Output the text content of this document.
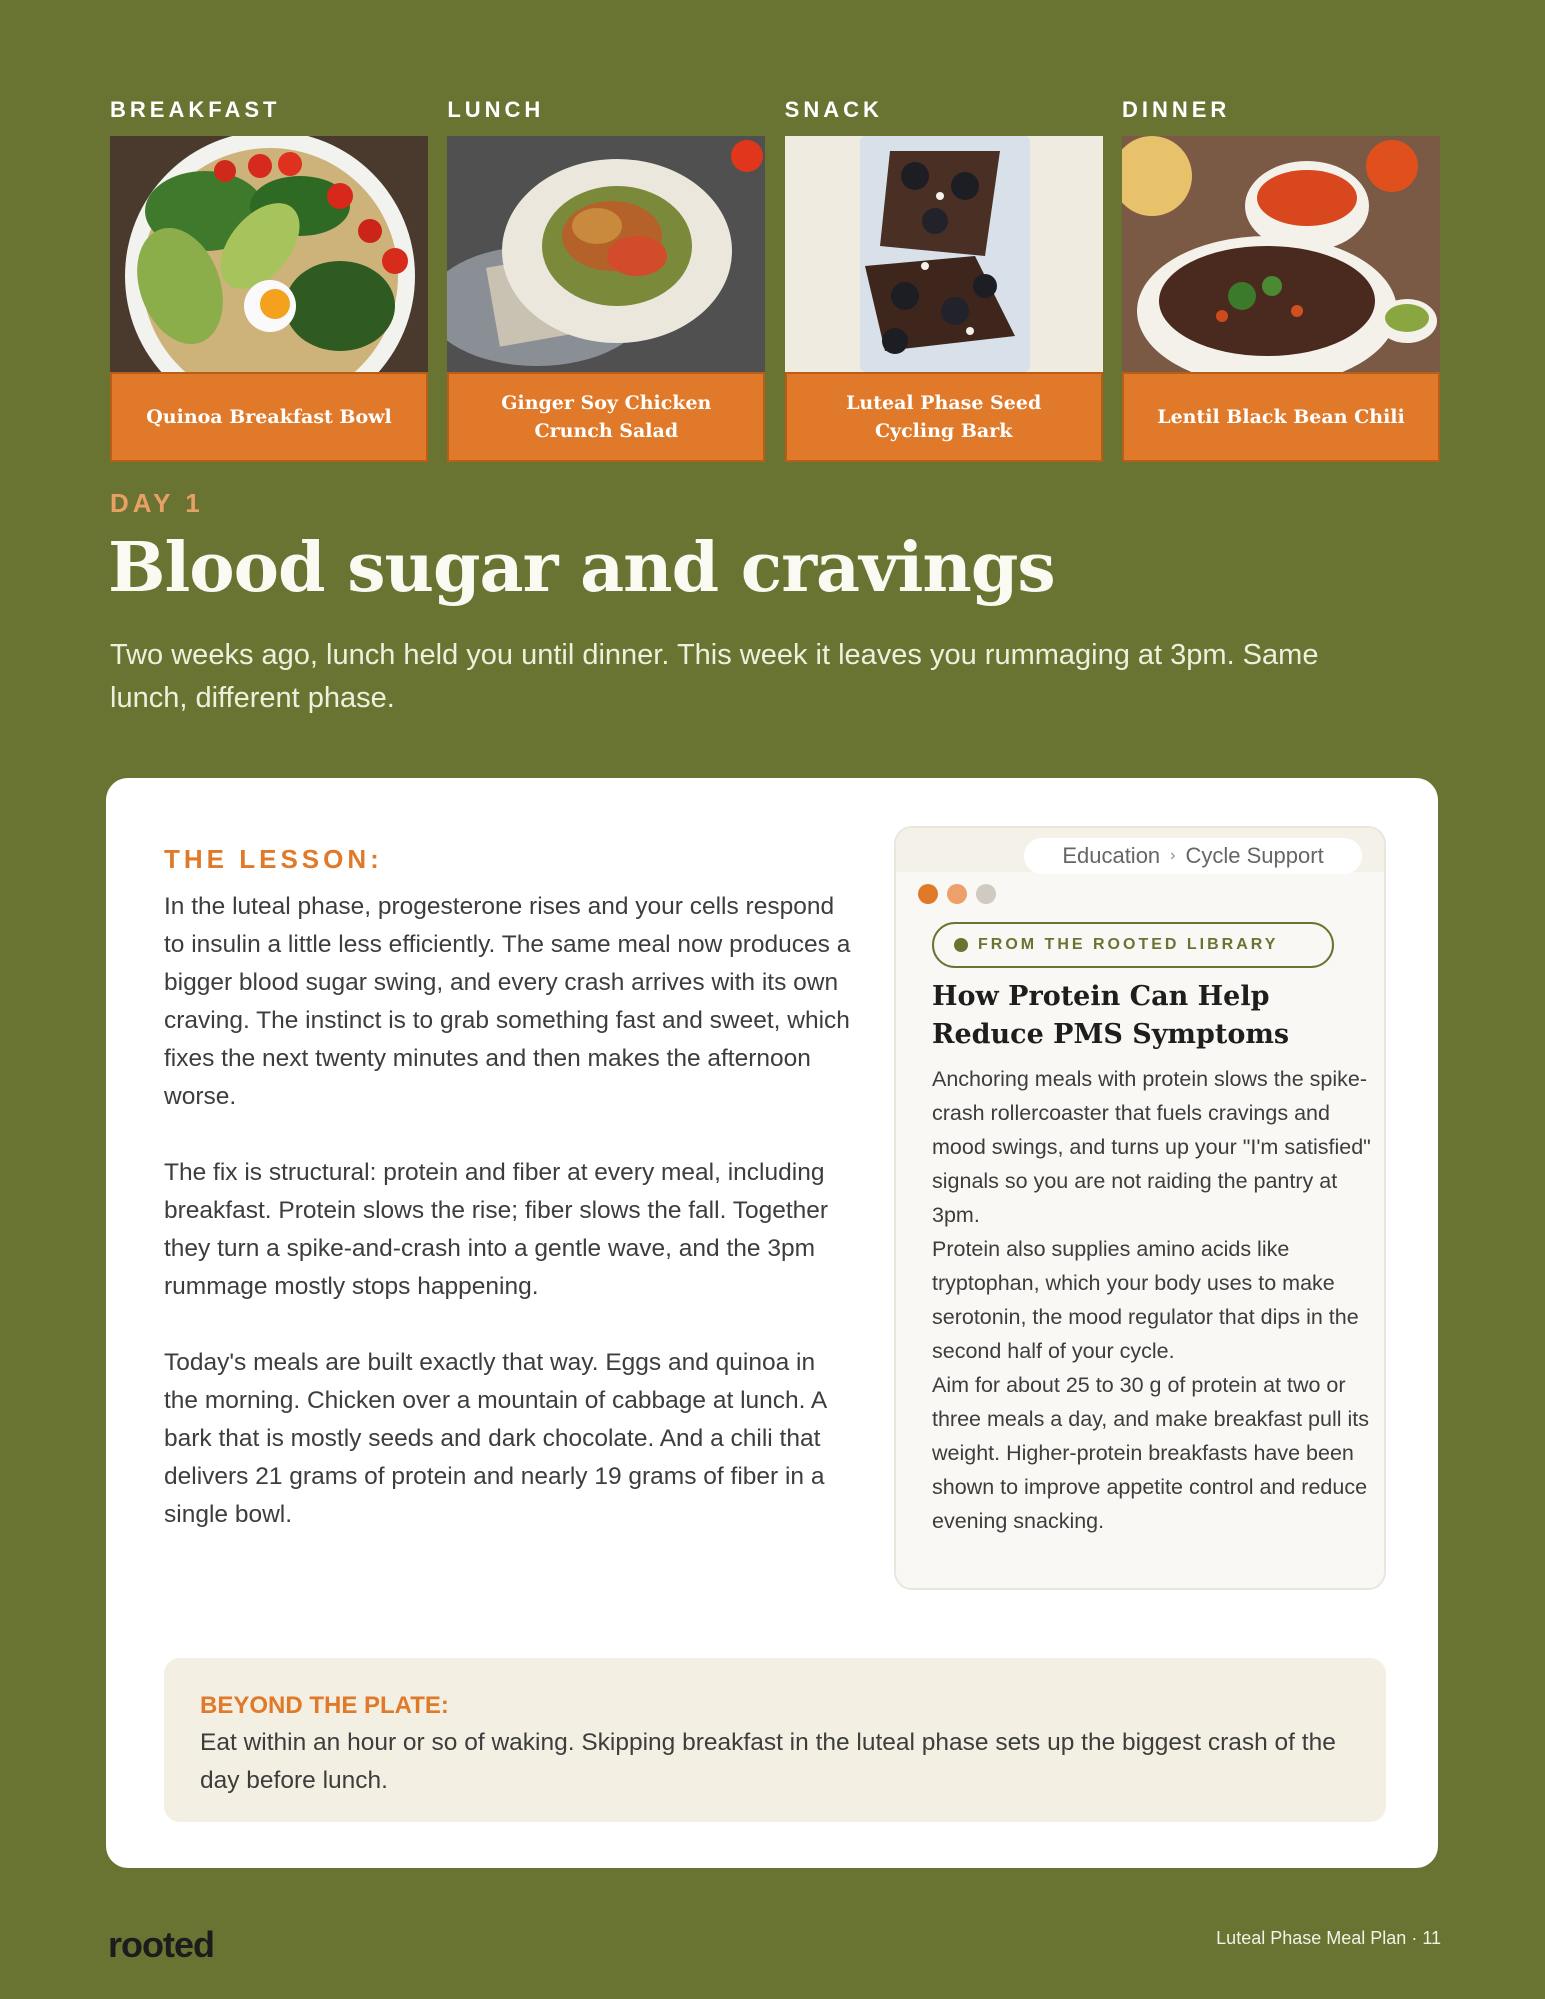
BREAKFAST
Quinoa Breakfast Bowl
LUNCH
Ginger Soy Chicken Crunch Salad
SNACK
Luteal Phase Seed Cycling Bark
DINNER
Lentil Black Bean Chili
DAY 1
Blood sugar and cravings

Two weeks ago, lunch held you until dinner. This week it leaves you rummaging at 3pm. Same lunch, different phase.

THE LESSON:

In the luteal phase, progesterone rises and your cells respond to insulin a little less efficiently. The same meal now produces a bigger blood sugar swing, and every crash arrives with its own craving. The instinct is to grab something fast and sweet, which fixes the next twenty minutes and then makes the afternoon worse.

The fix is structural: protein and fiber at every meal, including breakfast. Protein slows the rise; fiber slows the fall. Together they turn a spike-and-crash into a gentle wave, and the 3pm rummage mostly stops happening.

Today's meals are built exactly that way. Eggs and quinoa in the morning. Chicken over a mountain of cabbage at lunch. A bark that is mostly seeds and dark chocolate. And a chili that delivers 21 grams of protein and nearly 19 grams of fiber in a single bowl.

Education › Cycle Support
FROM THE ROOTED LIBRARY
How Protein Can Help Reduce PMS Symptoms

Anchoring meals with protein slows the spike-crash rollercoaster that fuels cravings and mood swings, and turns up your "I'm satisfied" signals so you are not raiding the pantry at 3pm.

Protein also supplies amino acids like tryptophan, which your body uses to make serotonin, the mood regulator that dips in the second half of your cycle.

Aim for about 25 to 30 g of protein at two or three meals a day, and make breakfast pull its weight. Higher-protein breakfasts have been shown to improve appetite control and reduce evening snacking.

BEYOND THE PLATE:
Eat within an hour or so of waking. Skipping breakfast in the luteal phase sets up the biggest crash of the day before lunch.
rooted	Luteal Phase Meal Plan · 11
